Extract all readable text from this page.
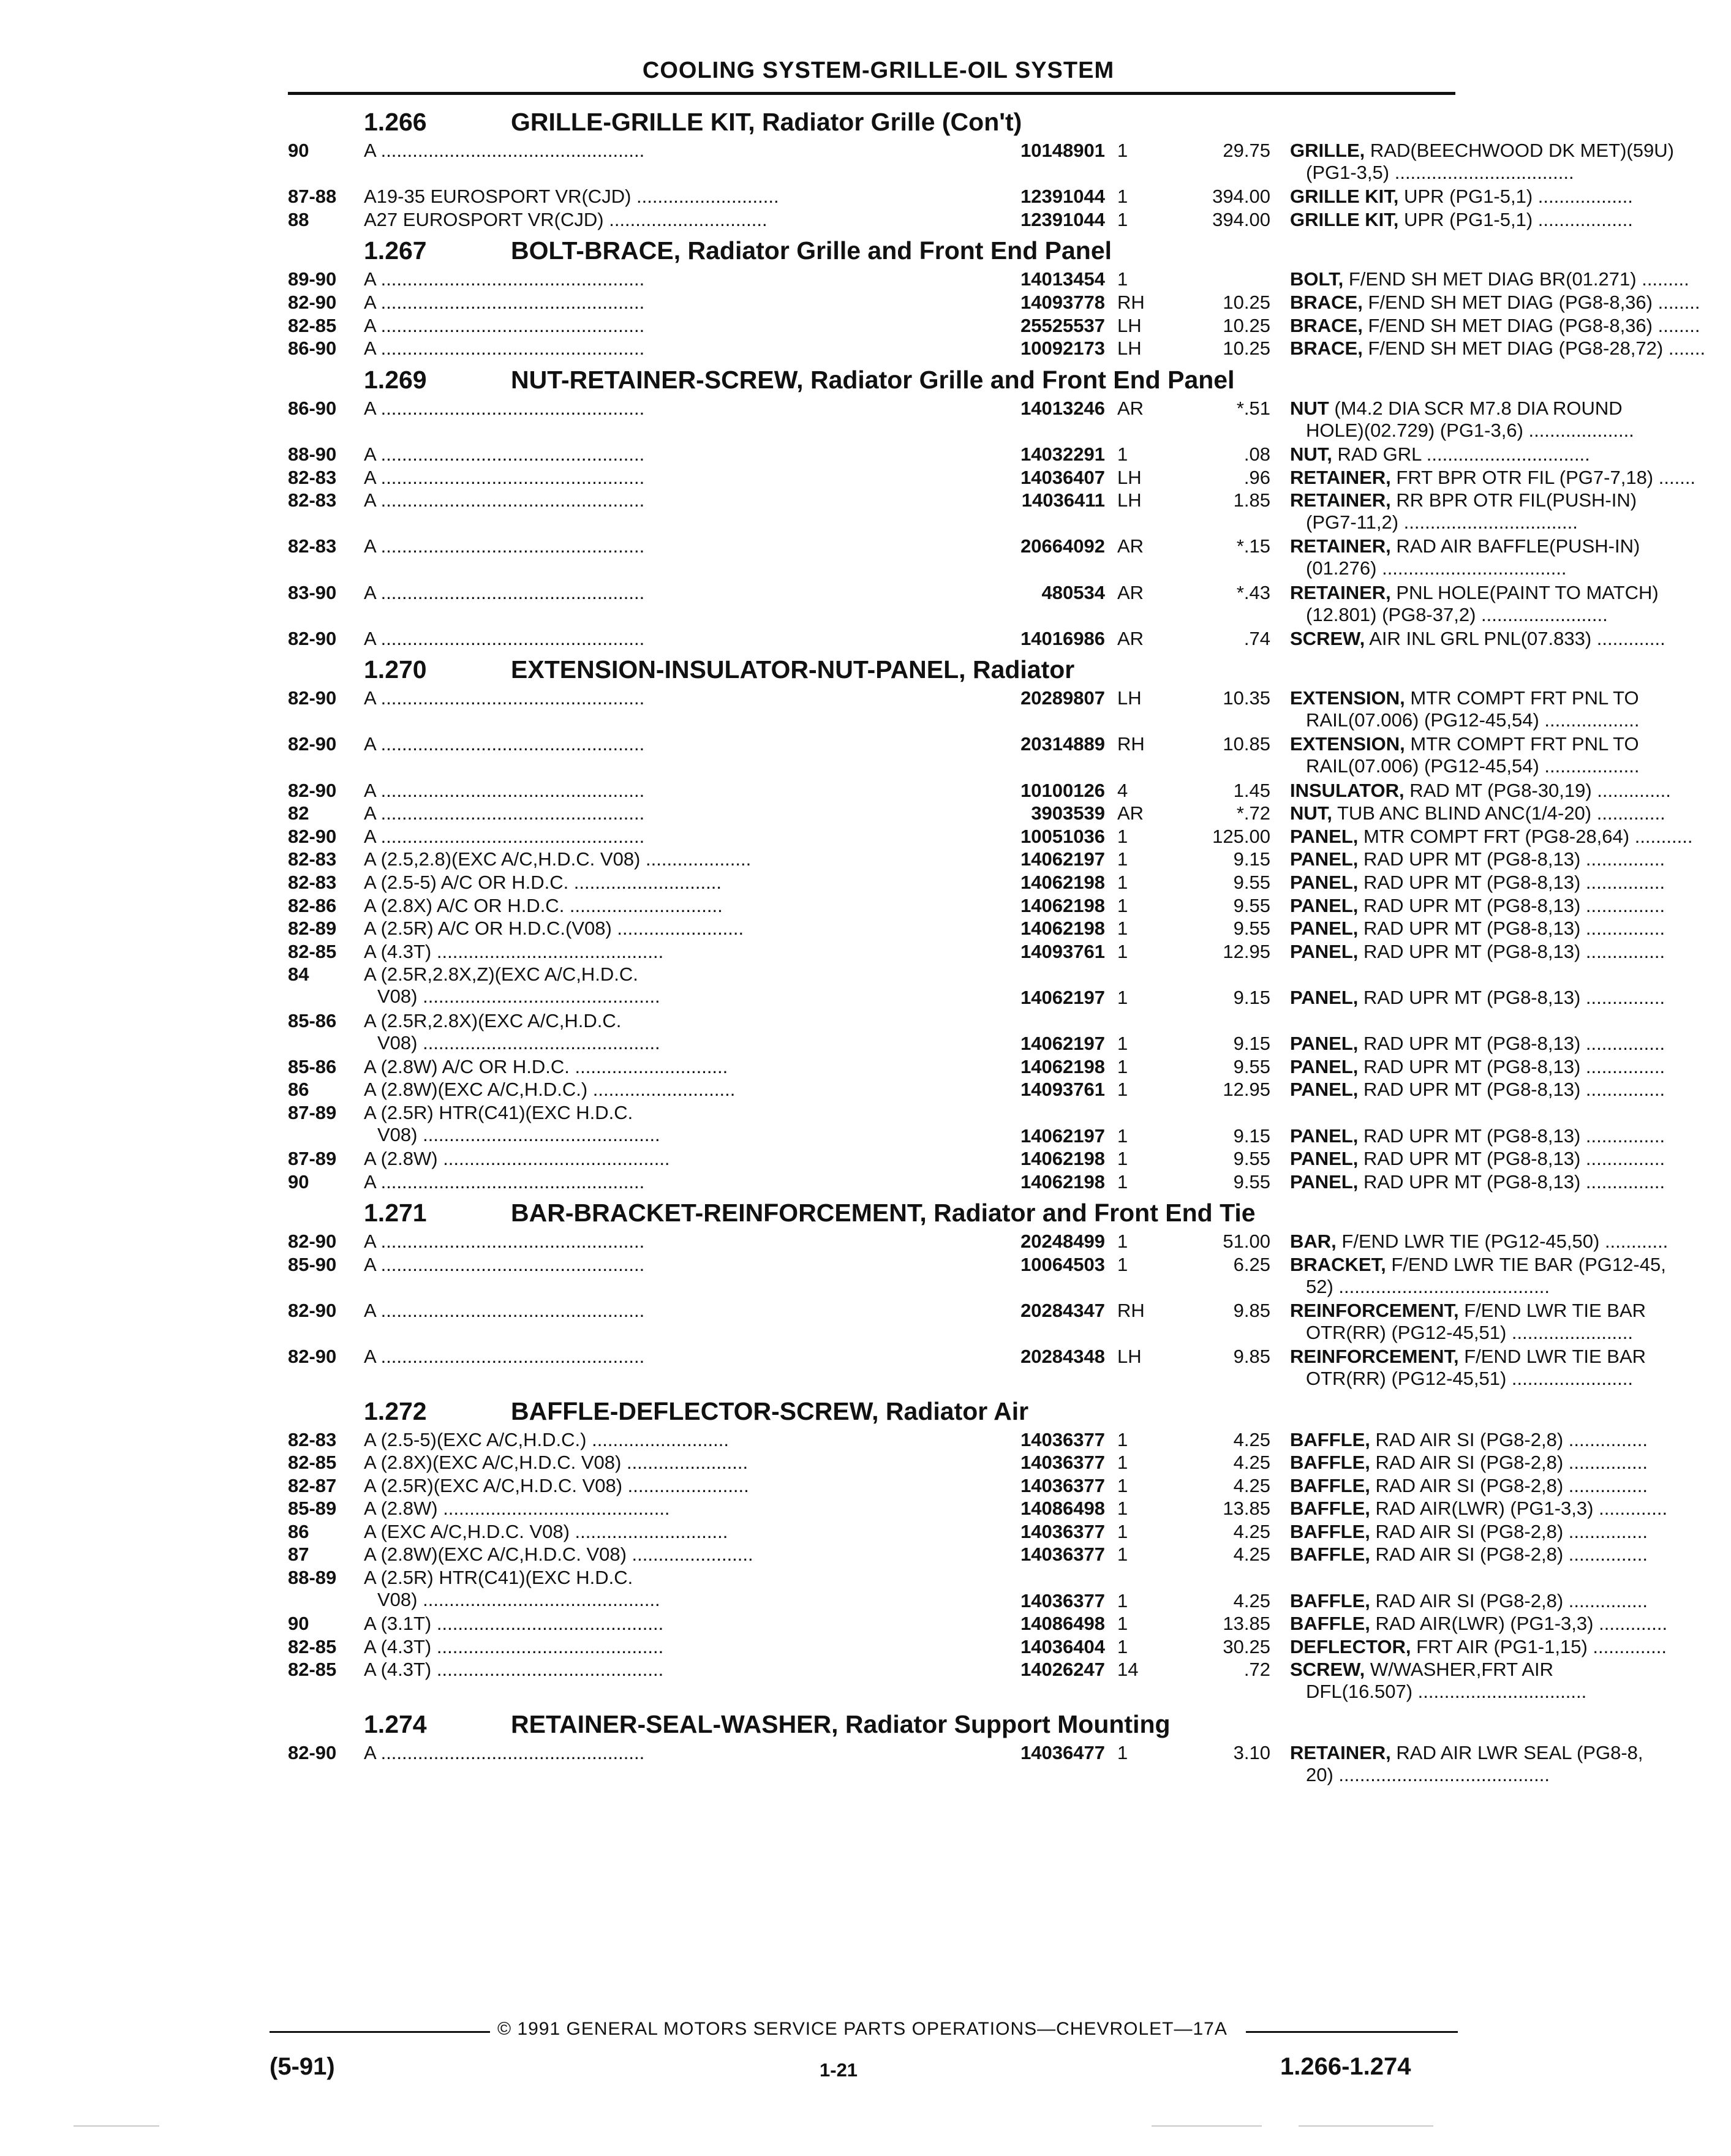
COOLING SYSTEM-GRILLE-OIL SYSTEM
1.266	GRILLE-GRILLE KIT, Radiator Grille (Con't)
90	A ..................................................	10148901 1	29.75 GRILLE, RAD(BEECHWOOD DK MET)(59U)
(PG1-3,5) ..................................
87-88	A19-35 EUROSPORT VR(CJD) ...........................	12391044 1	394.00 GRILLE KIT, UPR (PG1-5,1) ..................
88	A27 EUROSPORT VR(CJD) ..............................	12391044 1	394.00 GRILLE KIT, UPR (PG1-5,1) ..................
1.267	BOLT-BRACE, Radiator Grille and Front End Panel
89-90	A ..................................................	14013454 1	BOLT, F/END SH MET DIAG BR(01.271) .........
82-90	A ..................................................	14093778 RH	10.25 BRACE, F/END SH MET DIAG (PG8-8,36) ........
82-85	A ..................................................	25525537 LH	10.25 BRACE, F/END SH MET DIAG (PG8-8,36) ........
86-90	A ..................................................	10092173 LH	10.25 BRACE, F/END SH MET DIAG (PG8-28,72) .......
1.269	NUT-RETAINER-SCREW, Radiator Grille and Front End Panel
86-90	A ..................................................	14013246 AR	*.51 NUT (M4.2 DIA SCR M7.8 DIA ROUND
HOLE)(02.729) (PG1-3,6) ....................
88-90	A ..................................................	14032291 1	.08 NUT, RAD GRL ...............................
82-83	A ..................................................	14036407 LH	.96 RETAINER, FRT BPR OTR FIL (PG7-7,18) .......
82-83	A ..................................................	14036411 LH	1.85 RETAINER, RR BPR OTR FIL(PUSH-IN)
(PG7-11,2) .................................
82-83	A ..................................................	20664092 AR	*.15 RETAINER, RAD AIR BAFFLE(PUSH-IN)
(01.276) ...................................
83-90	A ..................................................	480534 AR	*.43 RETAINER, PNL HOLE(PAINT TO MATCH)
(12.801) (PG8-37,2) ........................
82-90	A ..................................................	14016986 AR	.74 SCREW, AIR INL GRL PNL(07.833) .............
1.270	EXTENSION-INSULATOR-NUT-PANEL, Radiator
82-90	A ..................................................	20289807 LH	10.35 EXTENSION, MTR COMPT FRT PNL TO
RAIL(07.006) (PG12-45,54) ..................
82-90	A ..................................................	20314889 RH	10.85 EXTENSION, MTR COMPT FRT PNL TO
RAIL(07.006) (PG12-45,54) ..................
82-90	A ..................................................	10100126 4	1.45 INSULATOR, RAD MT (PG8-30,19) ..............
82	A ..................................................	3903539 AR	*.72 NUT, TUB ANC BLIND ANC(1/4-20) .............
82-90	A ..................................................	10051036 1	125.00 PANEL, MTR COMPT FRT (PG8-28,64) ...........
82-83	A (2.5,2.8)(EXC A/C,H.D.C. V08) ....................	14062197 1	9.15 PANEL, RAD UPR MT (PG8-8,13) ...............
82-83	A (2.5-5) A/C OR H.D.C. ............................	14062198 1	9.55 PANEL, RAD UPR MT (PG8-8,13) ...............
82-86	A (2.8X) A/C OR H.D.C. .............................	14062198 1	9.55 PANEL, RAD UPR MT (PG8-8,13) ...............
82-89	A (2.5R) A/C OR H.D.C.(V08) ........................	14062198 1	9.55 PANEL, RAD UPR MT (PG8-8,13) ...............
82-85	A (4.3T) ...........................................	14093761 1	12.95 PANEL, RAD UPR MT (PG8-8,13) ...............
84	A (2.5R,2.8X,Z)(EXC A/C,H.D.C.
V08) .............................................	14062197 1	9.15 PANEL, RAD UPR MT (PG8-8,13) ...............
85-86	A (2.5R,2.8X)(EXC A/C,H.D.C.
V08) .............................................	14062197 1	9.15 PANEL, RAD UPR MT (PG8-8,13) ...............
85-86	A (2.8W) A/C OR H.D.C. .............................	14062198 1	9.55 PANEL, RAD UPR MT (PG8-8,13) ...............
86	A (2.8W)(EXC A/C,H.D.C.) ...........................	14093761 1	12.95 PANEL, RAD UPR MT (PG8-8,13) ...............
87-89	A (2.5R) HTR(C41)(EXC H.D.C.
V08) .............................................	14062197 1	9.15 PANEL, RAD UPR MT (PG8-8,13) ...............
87-89	A (2.8W) ...........................................	14062198 1	9.55 PANEL, RAD UPR MT (PG8-8,13) ...............
90	A ..................................................	14062198 1	9.55 PANEL, RAD UPR MT (PG8-8,13) ...............
1.271	BAR-BRACKET-REINFORCEMENT, Radiator and Front End Tie
82-90	A ..................................................	20248499 1	51.00 BAR, F/END LWR TIE (PG12-45,50) ............
85-90	A ..................................................	10064503 1	6.25 BRACKET, F/END LWR TIE BAR (PG12-45,
52) ........................................
82-90	A ..................................................	20284347 RH	9.85 REINFORCEMENT, F/END LWR TIE BAR
OTR(RR) (PG12-45,51) .......................
82-90	A ..................................................	20284348 LH	9.85 REINFORCEMENT, F/END LWR TIE BAR
OTR(RR) (PG12-45,51) .......................
1.272	BAFFLE-DEFLECTOR-SCREW, Radiator Air
82-83	A (2.5-5)(EXC A/C,H.D.C.) ..........................	14036377 1	4.25 BAFFLE, RAD AIR SI (PG8-2,8) ...............
82-85	A (2.8X)(EXC A/C,H.D.C. V08) .......................	14036377 1	4.25 BAFFLE, RAD AIR SI (PG8-2,8) ...............
82-87	A (2.5R)(EXC A/C,H.D.C. V08) .......................	14036377 1	4.25 BAFFLE, RAD AIR SI (PG8-2,8) ...............
85-89	A (2.8W) ...........................................	14086498 1	13.85 BAFFLE, RAD AIR(LWR) (PG1-3,3) .............
86	A (EXC A/C,H.D.C. V08) .............................	14036377 1	4.25 BAFFLE, RAD AIR SI (PG8-2,8) ...............
87	A (2.8W)(EXC A/C,H.D.C. V08) .......................	14036377 1	4.25 BAFFLE, RAD AIR SI (PG8-2,8) ...............
88-89	A (2.5R) HTR(C41)(EXC H.D.C.
V08) .............................................	14036377 1	4.25 BAFFLE, RAD AIR SI (PG8-2,8) ...............
90	A (3.1T) ...........................................	14086498 1	13.85 BAFFLE, RAD AIR(LWR) (PG1-3,3) .............
82-85	A (4.3T) ...........................................	14036404 1	30.25 DEFLECTOR, FRT AIR (PG1-1,15) ..............
82-85	A (4.3T) ...........................................	14026247 14	.72 SCREW, W/WASHER,FRT AIR
DFL(16.507) ................................
1.274	RETAINER-SEAL-WASHER, Radiator Support Mounting
82-90	A ..................................................	14036477 1	3.10 RETAINER, RAD AIR LWR SEAL (PG8-8,
20) ........................................
© 1991 GENERAL MOTORS SERVICE PARTS OPERATIONS—CHEVROLET—17A
(5-91)	1-21	1.266-1.274
